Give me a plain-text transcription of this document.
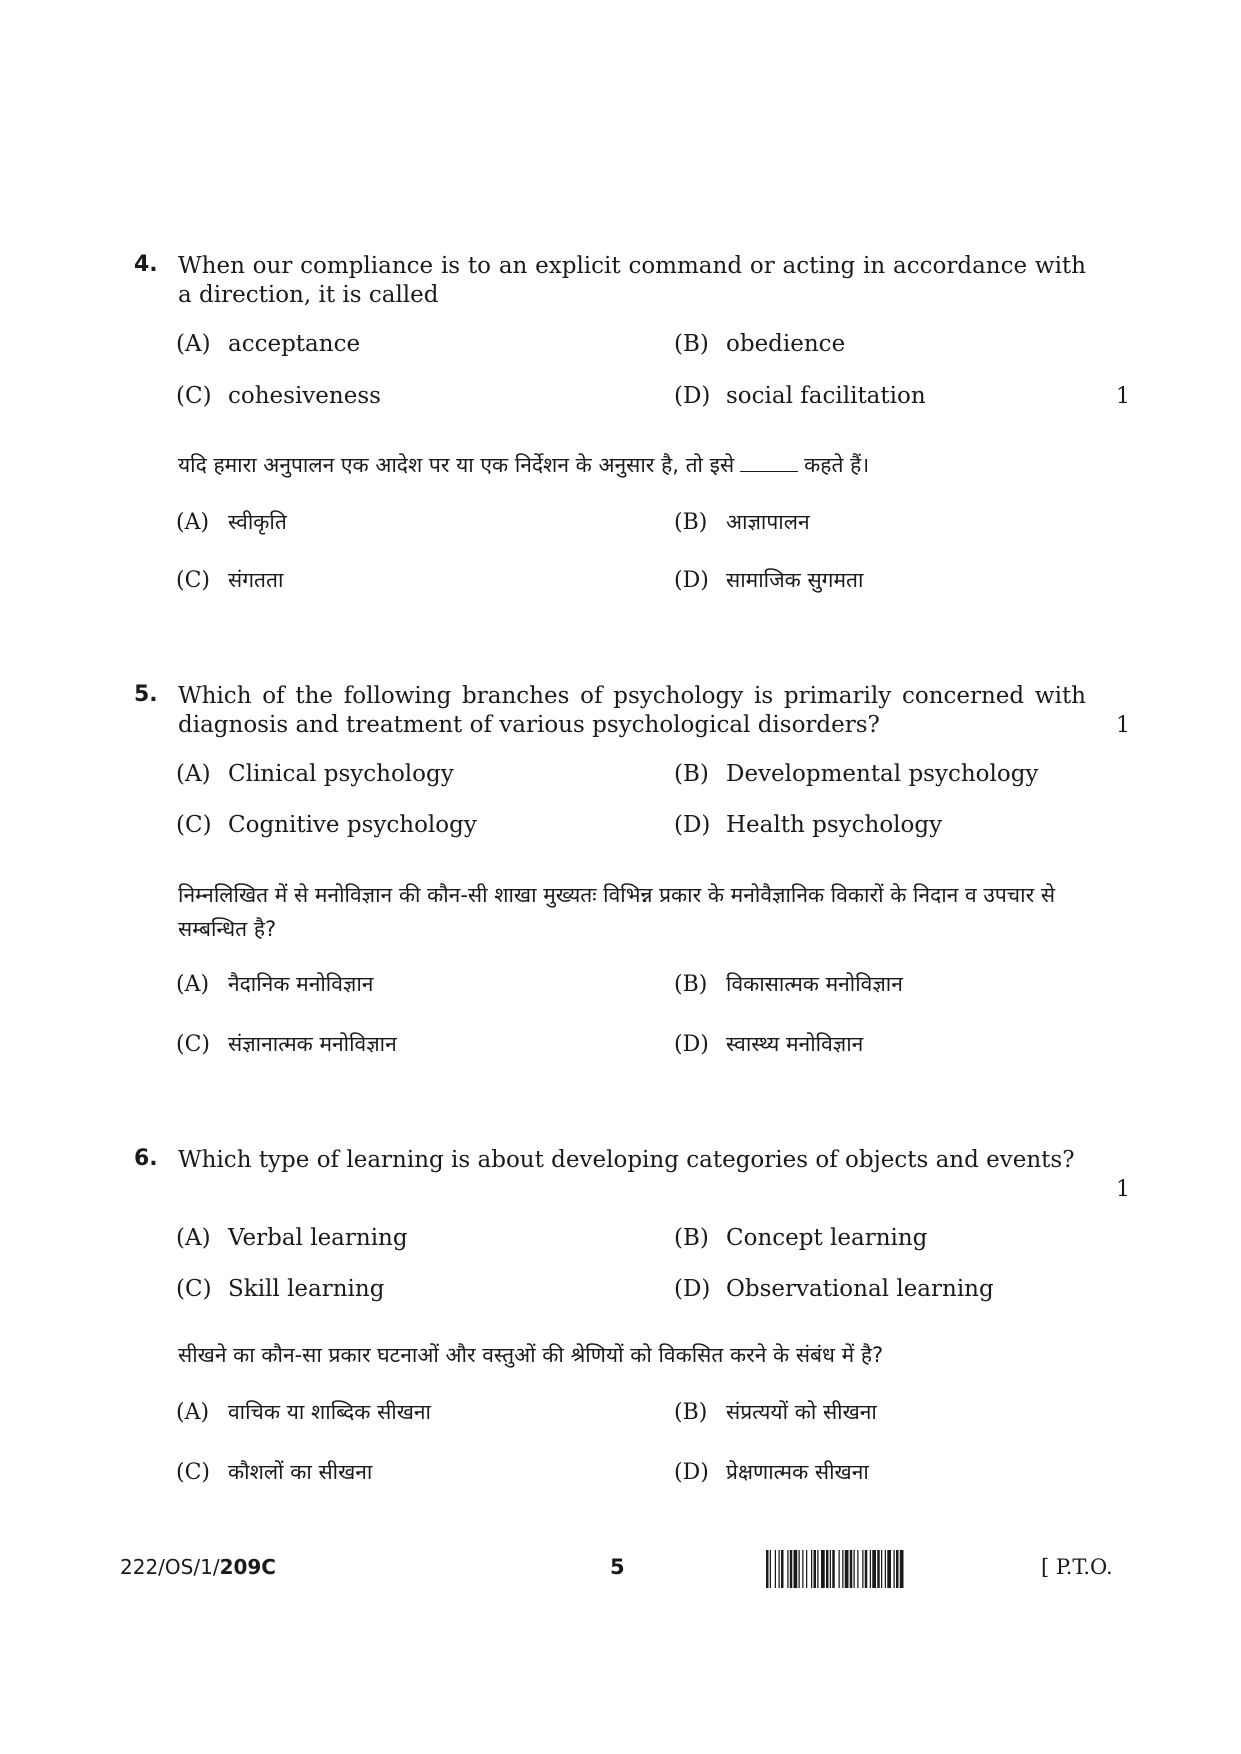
4. When our compliance is to an explicit command or acting in accordance with a direction, it is called
(A) acceptance	(B) obedience
(C) cohesiveness	(D) social facilitation	1
यदि हमारा अनुपालन एक आदेश पर या एक निर्देशन के अनुसार है, तो इसे	कहते हैं।
(A) स्वीकृति	(B) आज्ञापालन
(C) संगतता	(D) सामाजिक सुगमता
5. Which of the following branches of psychology is primarily concerned with diagnosis and treatment of various psychological disorders?	1
(A) Clinical psychology	(B) Developmental psychology
(C) Cognitive psychology	(D) Health psychology
निम्नलिखित में से मनोविज्ञान की कौन-सी शाखा मुख्यतः विभिन्न प्रकार के मनोवैज्ञानिक विकारों के निदान व उपचार से सम्बन्धित है?
(A) नैदानिक मनोविज्ञान	(B) विकासात्मक मनोविज्ञान
(C) संज्ञानात्मक मनोविज्ञान	(D) स्वास्थ्य मनोविज्ञान
6. Which type of learning is about developing categories of objects and events?
1
(A) Verbal learning	(B) Concept learning
(C) Skill learning	(D) Observational learning
सीखने का कौन-सा प्रकार घटनाओं और वस्तुओं की श्रेणियों को विकसित करने के संबंध में है?
(A) वाचिक या शाब्दिक सीखना	(B) संप्रत्ययों को सीखना
(C) कौशलों का सीखना	(D) प्रेक्षणात्मक सीखना
222/OS/1/209C	5	[ P.T.O.
